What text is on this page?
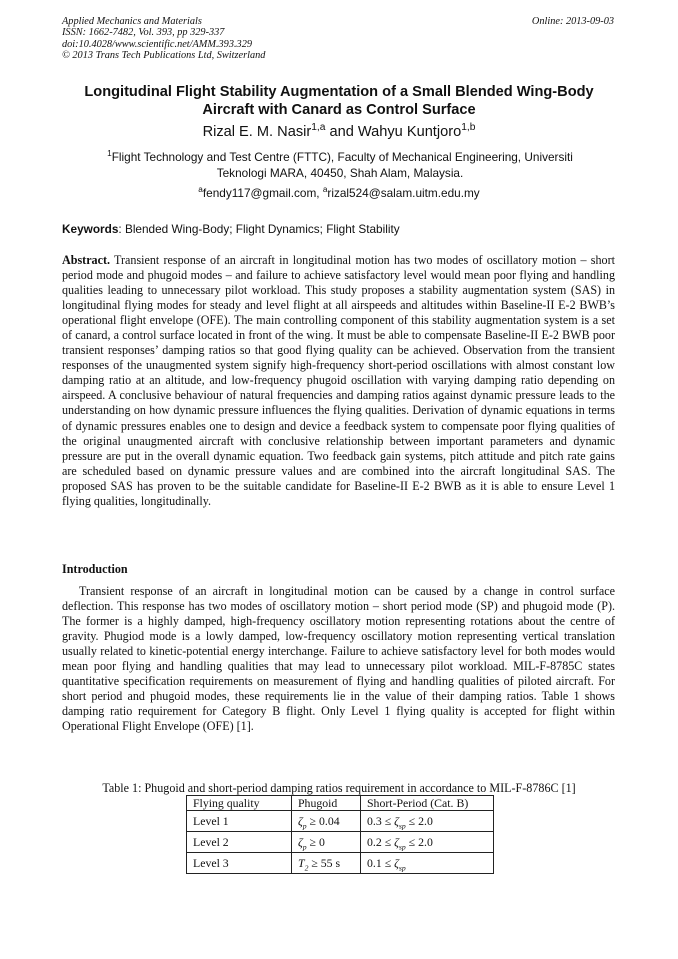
Applied Mechanics and Materials
ISSN: 1662-7482, Vol. 393, pp 329-337
doi:10.4028/www.scientific.net/AMM.393.329
© 2013 Trans Tech Publications Ltd, Switzerland
Online: 2013-09-03
Longitudinal Flight Stability Augmentation of a Small Blended Wing-Body Aircraft with Canard as Control Surface
Rizal E. M. Nasir$^{1,a}$ and Wahyu Kuntjoro$^{1,b}$
$^1$Flight Technology and Test Centre (FTTC), Faculty of Mechanical Engineering, Universiti Teknologi MARA, 40450, Shah Alam, Malaysia.
$^a$fendy117@gmail.com, $^a$rizal524@salam.uitm.edu.my
Keywords: Blended Wing-Body; Flight Dynamics; Flight Stability

Abstract. Transient response of an aircraft in longitudinal motion has two modes of oscillatory motion – short period mode and phugoid modes – and failure to achieve satisfactory level would mean poor flying and handling qualities leading to unnecessary pilot workload. This study proposes a stability augmentation system (SAS) in longitudinal flying modes for steady and level flight at all airspeeds and altitudes within Baseline-II E-2 BWB’s operational flight envelope (OFE). The main controlling component of this stability augmentation system is a set of canard, a control surface located in front of the wing. It must be able to compensate Baseline-II E-2 BWB poor transient responses’ damping ratios so that good flying quality can be achieved. Observation from the transient responses of the unaugmented system signify high-frequency short-period oscillations with almost constant low damping ratio at an altitude, and low-frequency phugoid oscillation with varying damping ratio depending on airspeed. A conclusive behaviour of natural frequencies and damping ratios against dynamic pressure leads to the understanding on how dynamic pressure influences the flying qualities. Derivation of dynamic equations in terms of dynamic pressures enables one to design and device a feedback system to compensate poor flying qualities of the original unaugmented aircraft with conclusive relationship between important parameters and dynamic pressure are put in the overall dynamic equation. Two feedback gain systems, pitch attitude and pitch rate gains are scheduled based on dynamic pressure values and are combined into the aircraft longitudinal SAS. The proposed SAS has proven to be the suitable candidate for Baseline-II E-2 BWB as it is able to ensure Level 1 flying qualities, longitudinally.

Introduction

Transient response of an aircraft in longitudinal motion can be caused by a change in control surface deflection. This response has two modes of oscillatory motion – short period mode (SP) and phugoid mode (P). The former is a highly damped, high-frequency oscillatory motion representing rotations about the centre of gravity. Phugiod mode is a lowly damped, low-frequency oscillatory motion representing vertical translation usually related to kinetic-potential energy interchange. Failure to achieve satisfactory level for both modes would mean poor flying and handling qualities that may lead to unnecessary pilot workload. MIL-F-8785C states quantitative specification requirements on measurement of flying and handling qualities of piloted aircraft. For short period and phugoid modes, these requirements lie in the value of their damping ratios. Table 1 shows damping ratio requirement for Category B flight. Only Level 1 flying quality is accepted for flight within Operational Flight Envelope (OFE) [1].

Table 1: Phugoid and short-period damping ratios requirement in accordance to MIL-F-8786C [1]
Flying quality	Phugoid	Short-Period (Cat. B)
Level 1	$\zeta_p \ge 0.04$	$0.3 \le \zeta_{sp} \le 2.0$
Level 2	$\zeta_p \ge 0$	$0.2 \le \zeta_{sp} \le 2.0$
Level 3	$T_2 \ge 55$ s	$0.1 \le \zeta_{sp}$
